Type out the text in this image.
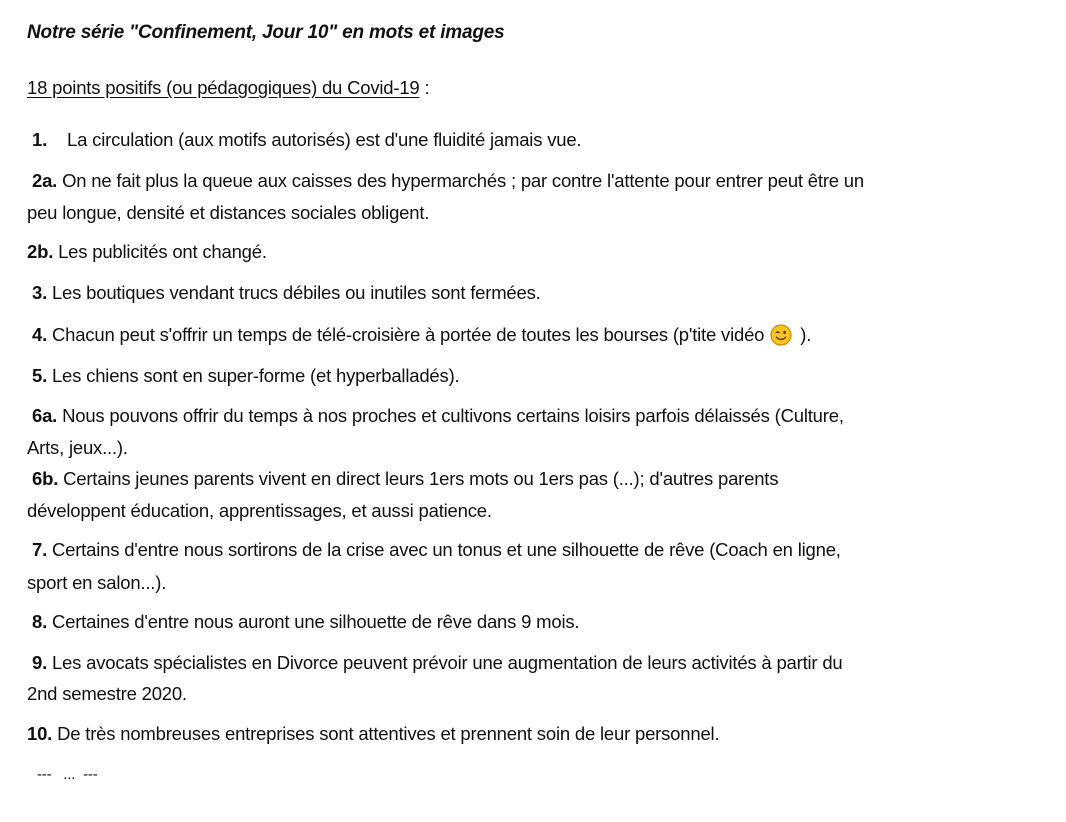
Notre série "Confinement, Jour 10" en mots et images
18 points positifs (ou pédagogiques) du Covid-19 :
1. La circulation (aux motifs autorisés) est d'une fluidité jamais vue.
2a. On ne fait plus la queue aux caisses des hypermarchés ; par contre l'attente pour entrer peut être un
peu longue, densité et distances sociales obligent.
2b. Les publicités ont changé.
3. Les boutiques vendant trucs débiles ou inutiles sont fermées.
4. Chacun peut s'offrir un temps de télé-croisière à portée de toutes les bourses (p'tite vidéo ).
5. Les chiens sont en super-forme (et hyperballadés).
6a. Nous pouvons offrir du temps à nos proches et cultivons certains loisirs parfois délaissés (Culture,
Arts, jeux...).
6b. Certains jeunes parents vivent en direct leurs 1ers mots ou 1ers pas (...); d'autres parents
développent éducation, apprentissages, et aussi patience.
7. Certains d'entre nous sortirons de la crise avec un tonus et une silhouette de rêve (Coach en ligne,
sport en salon...).
8. Certaines d'entre nous auront une silhouette de rêve dans 9 mois.
9. Les avocats spécialistes en Divorce peuvent prévoir une augmentation de leurs activités à partir du
2nd semestre 2020.
10. De très nombreuses entreprises sont attentives et prennent soin de leur personnel.
---   ...  ---
